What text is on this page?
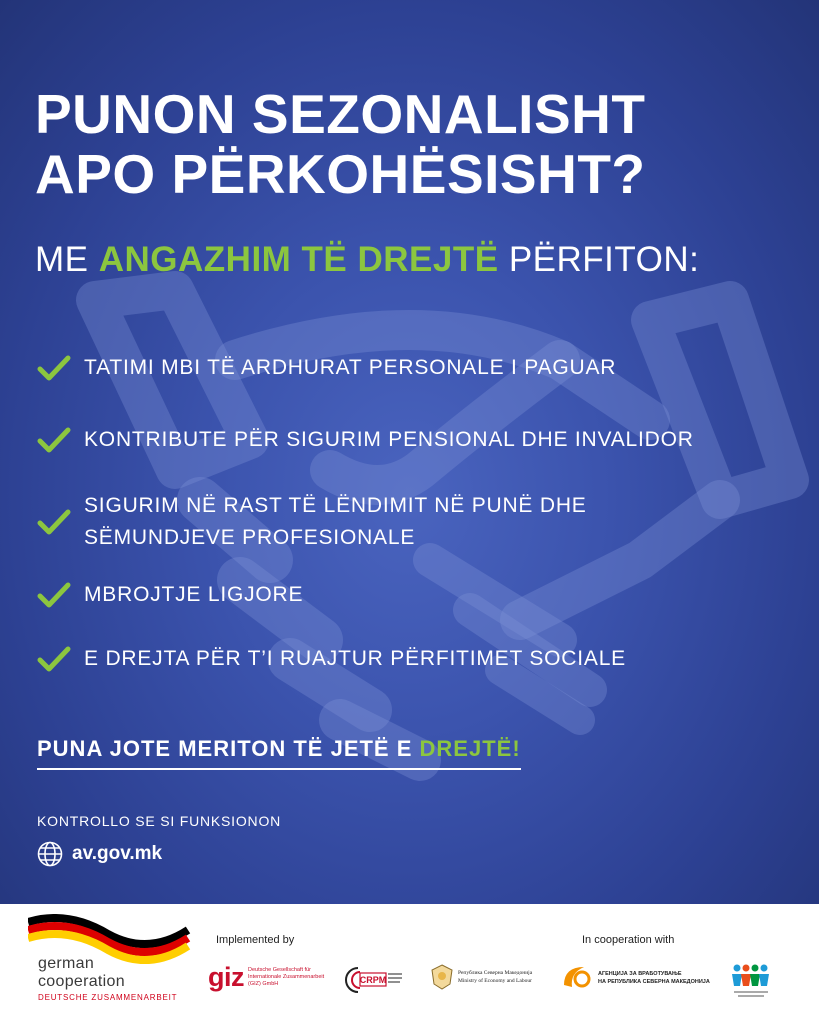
PUNON SEZONALISHT
APO PËRKOHËSISHT?
ME ANGAZHIM TË DREJTË PËRFITON:
TATIMI MBI TË ARDHURAT PERSONALE I PAGUAR
KONTRIBUTE PËR SIGURIM PENSIONAL DHE INVALIDOR
SIGURIM NË RAST TË LËNDIMIT NË PUNË DHE
SËMUNDJEVE PROFESIONALE
MBROJTJE LIGJORE
E DREJTA PËR T’I RUAJTUR PËRFITIMET SOCIALE
PUNA JOTE MERITON TË JETË E DREJTË!
KONTROLLO SE SI FUNKSIONON
av.gov.mk
german
cooperation
DEUTSCHE ZUSAMMENARBEIT
Implemented by	In cooperation with
giz Deutsche Gesellschaft für Internationale Zusammenarbeit (GIZ) GmbH	CRPM
Република Северна Македонија
Ministry of Economy and Labour
АГЕНЦИЈА ЗА ВРАБОТУВАЊЕ
НА РЕПУБЛИКА СЕВЕРНА МАКЕДОНИЈА
